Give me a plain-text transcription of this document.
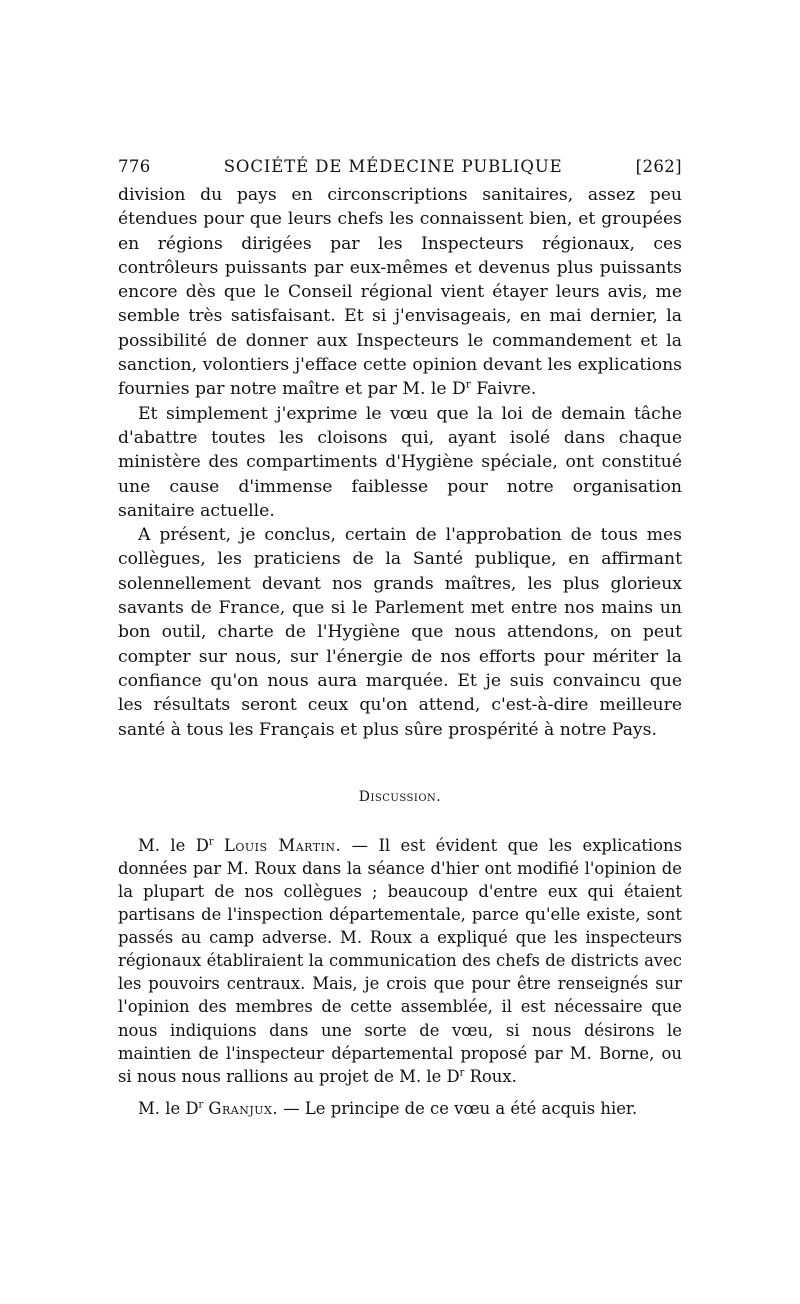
776	SOCIÉTÉ DE MÉDECINE PUBLIQUE	[262]

division du pays en circonscriptions sanitaires, assez peu étendues pour que leurs chefs les connaissent bien, et groupées en régions dirigées par les Inspecteurs régionaux, ces contrôleurs puissants par eux-mêmes et devenus plus puissants encore dès que le Conseil régional vient étayer leurs avis, me semble très satisfaisant. Et si j'envisageais, en mai dernier, la possibilité de donner aux Inspecteurs le commandement et la sanction, volontiers j'efface cette opinion devant les explications fournies par notre maître et par M. le $D^r$ Faivre.

Et simplement j'exprime le vœu que la loi de demain tâche d'abattre toutes les cloisons qui, ayant isolé dans chaque ministère des compartiments d'Hygiène spéciale, ont constitué une cause d'immense faiblesse pour notre organisation sanitaire actuelle.

A présent, je conclus, certain de l'approbation de tous mes collègues, les praticiens de la Santé publique, en affirmant solennellement devant nos grands maîtres, les plus glorieux savants de France, que si le Parlement met entre nos mains un bon outil, charte de l'Hygiène que nous attendons, on peut compter sur nous, sur l'énergie de nos efforts pour mériter la confiance qu'on nous aura marquée. Et je suis convaincu que les résultats seront ceux qu'on attend, c'est-à-dire meilleure santé à tous les Français et plus sûre prospérité à notre Pays.

Discussion.

M. le $D^r$ Louis Martin. — Il est évident que les explications données par M. Roux dans la séance d'hier ont modifié l'opinion de la plupart de nos collègues ; beaucoup d'entre eux qui étaient partisans de l'inspection départementale, parce qu'elle existe, sont passés au camp adverse. M. Roux a expliqué que les inspecteurs régionaux établiraient la communication des chefs de districts avec les pouvoirs centraux. Mais, je crois que pour être renseignés sur l'opinion des membres de cette assemblée, il est nécessaire que nous indiquions dans une sorte de vœu, si nous désirons le maintien de l'inspecteur départemental proposé par M. Borne, ou si nous nous rallions au projet de M. le $D^r$ Roux.

M. le $D^r$ Granjux. — Le principe de ce vœu a été acquis hier.
